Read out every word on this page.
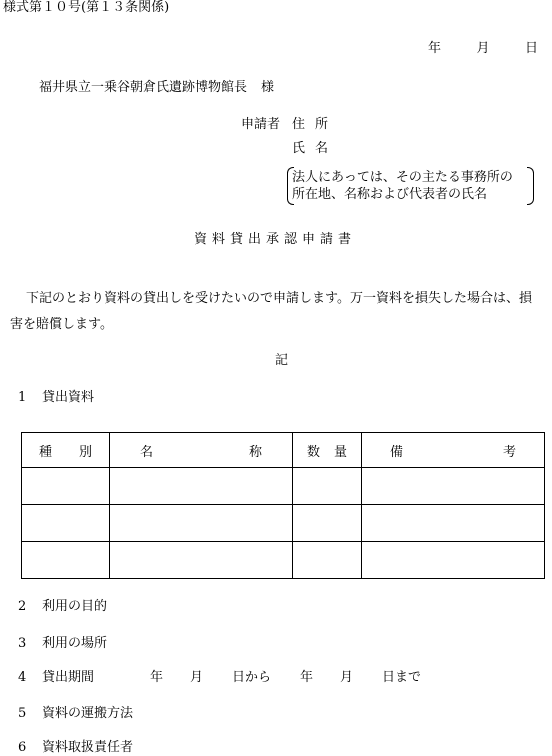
様式第１０号(第１３条関係)
年	月	日
福井県立一乗谷朝倉氏遺跡博物館長 様
申請者 住所
氏名
法人にあっては、その主たる事務所の
所在地、名称および代表者の氏名
資料貸出承認申請書
下記のとおり資料の貸出しを受けたいので申請します。万一資料を損失した場合は、損
害を賠償します。
記
1 貸出資料
種 別	名 称	数 量	備 考

2 利用の目的
3 利用の場所
4 貸出期間	年 月 日から 年 月 日まで
5 資料の運搬方法
6 資料取扱責任者
